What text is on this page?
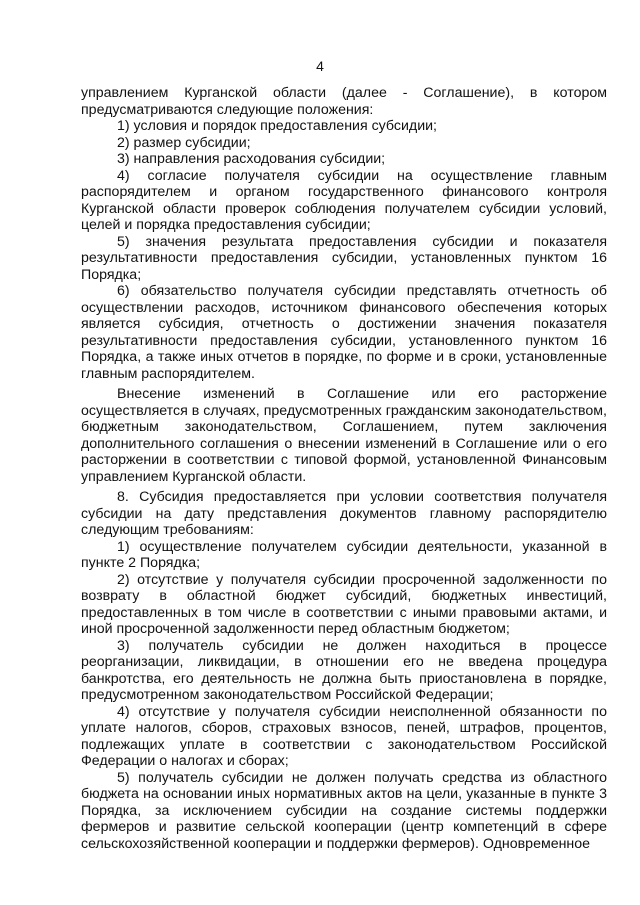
4

управлением Курганской области (далее - Соглашение), в котором предусматриваются следующие положения:

1) условия и порядок предоставления субсидии;

2) размер субсидии;

3) направления расходования субсидии;

4) согласие получателя субсидии на осуществление главным распорядителем и органом государственного финансового контроля Курганской области проверок соблюдения получателем субсидии условий, целей и порядка предоставления субсидии;

5) значения результата предоставления субсидии и показателя результативности предоставления субсидии, установленных пунктом 16 Порядка;

6) обязательство получателя субсидии представлять отчетность об осуществлении расходов, источником финансового обеспечения которых является субсидия, отчетность о достижении значения показателя результативности предоставления субсидии, установленного пунктом 16 Порядка, а также иных отчетов в порядке, по форме и в сроки, установленные главным распорядителем.

Внесение изменений в Соглашение или его расторжение осуществляется в случаях, предусмотренных гражданским законодательством, бюджетным законодательством, Соглашением, путем заключения дополнительного соглашения о внесении изменений в Соглашение или о его расторжении в соответствии с типовой формой, установленной Финансовым управлением Курганской области.

8. Субсидия предоставляется при условии соответствия получателя субсидии на дату представления документов главному распорядителю следующим требованиям:

1) осуществление получателем субсидии деятельности, указанной в пункте 2 Порядка;

2) отсутствие у получателя субсидии просроченной задолженности по возврату в областной бюджет субсидий, бюджетных инвестиций, предоставленных в том числе в соответствии с иными правовыми актами, и иной просроченной задолженности перед областным бюджетом;

3) получатель субсидии не должен находиться в процессе реорганизации, ликвидации, в отношении его не введена процедура банкротства, его деятельность не должна быть приостановлена в порядке, предусмотренном законодательством Российской Федерации;

4) отсутствие у получателя субсидии неисполненной обязанности по уплате налогов, сборов, страховых взносов, пеней, штрафов, процентов, подлежащих уплате в соответствии с законодательством Российской Федерации о налогах и сборах;

5) получатель субсидии не должен получать средства из областного бюджета на основании иных нормативных актов на цели, указанные в пункте 3 Порядка, за исключением субсидии на создание системы поддержки фермеров и развитие сельской кооперации (центр компетенций в сфере сельскохозяйственной кооперации и поддержки фермеров). Одновременное
